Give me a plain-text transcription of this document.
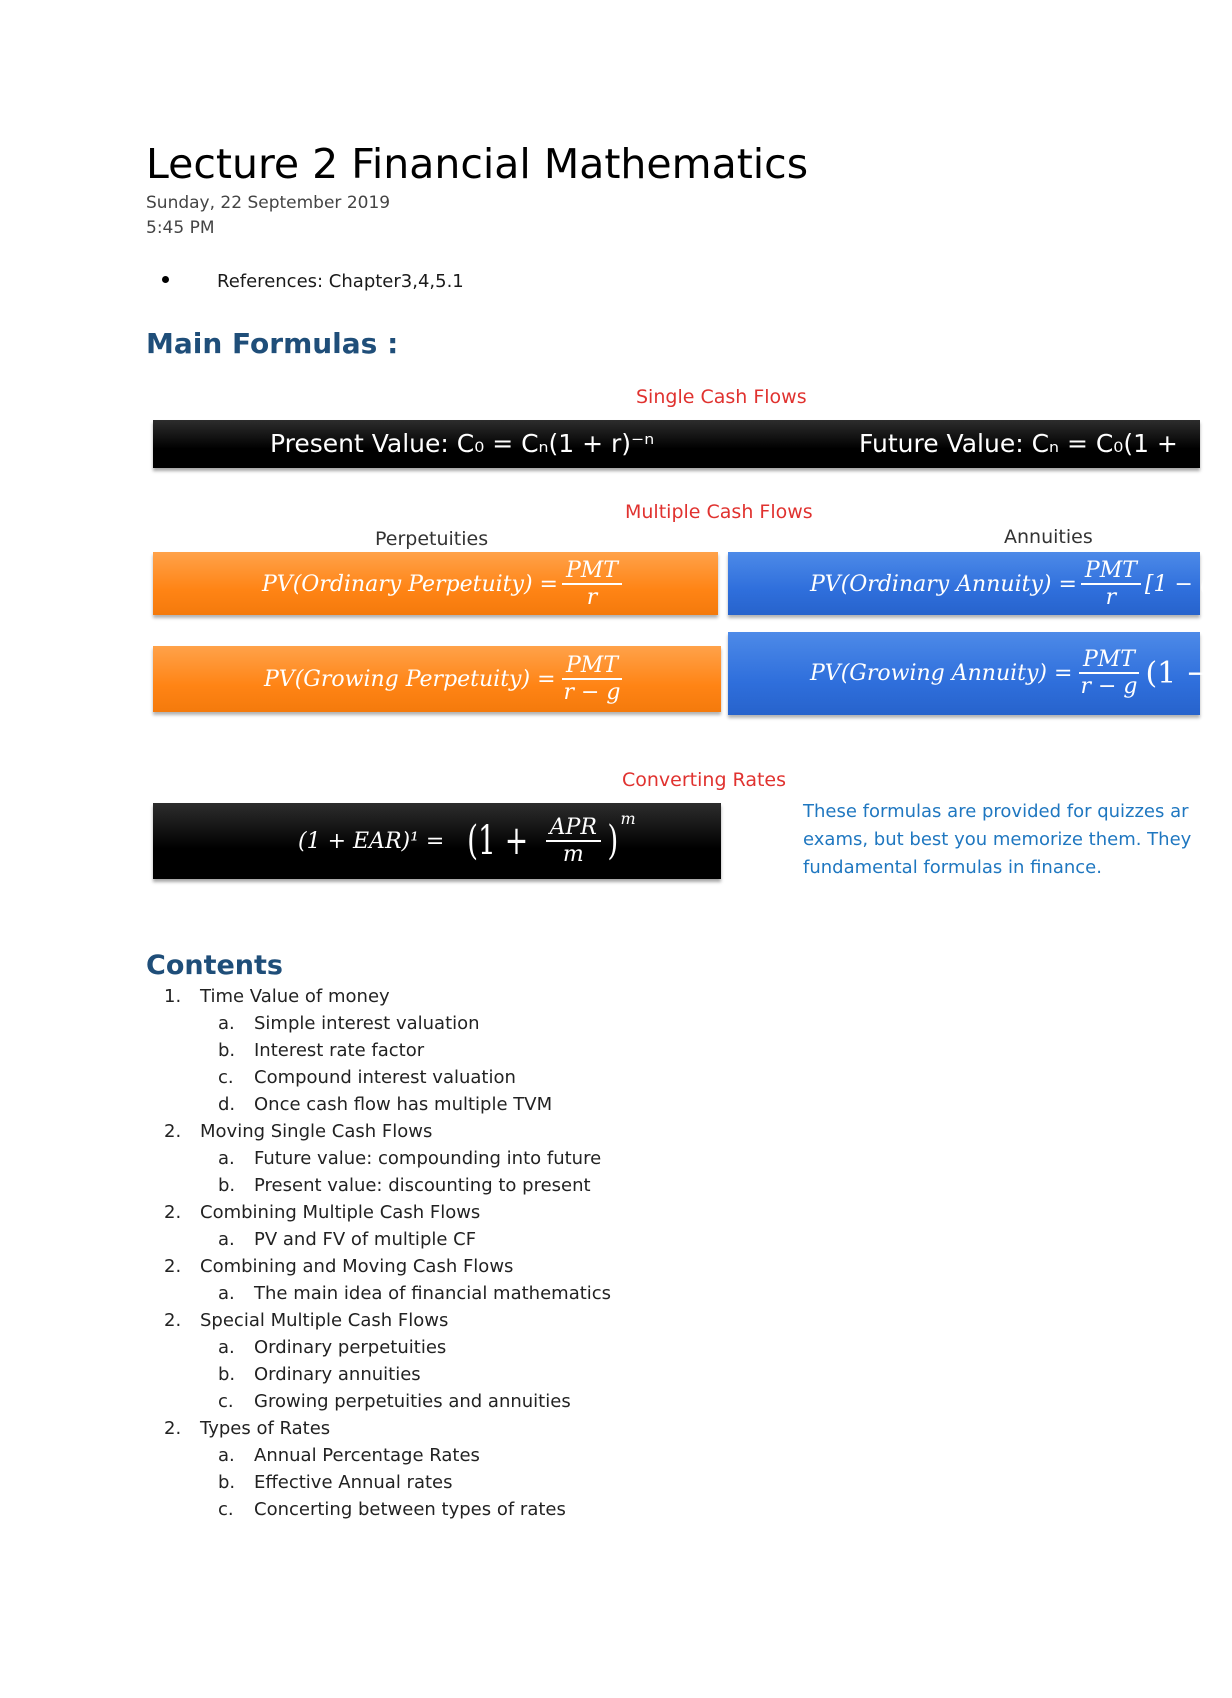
Lecture 2 Financial Mathematics
Sunday, 22 September 2019
5:45 PM
References: Chapter3,4,5.1
Main Formulas :
Single Cash Flows
Present Value: C₀ = Cₙ(1 + r)⁻ⁿ	Future Value: Cₙ = C₀(1 +
Multiple Cash Flows
Perpetuities	Annuities
PV(Ordinary Perpetuity) = $\frac{\text{PMT}}{r}$
PV(Growing Perpetuity) = $\frac{\text{PMT}}{r - g}$
PV(Ordinary Annuity) = $\frac{\text{PMT}}{r} [1 - (1$
PV(Growing Annuity) = $\frac{\text{PMT}}{r - g} (1$ − [
Converting Rates
$(1 + EAR)^1 = (1 + \frac{\text{APR}}{m}$ ) m	These formulas are provided for quizzes ar
exams, but best you memorize them. They
fundamental formulas in finance.
Contents
1. Time Value of money
a. Simple interest valuation
b. Interest rate factor
c. Compound interest valuation
d. Once cash flow has multiple TVM
2. Moving Single Cash Flows
a. Future value: compounding into future
b. Present value: discounting to present
2. Combining Multiple Cash Flows
a. PV and FV of multiple CF
2. Combining and Moving Cash Flows
a. The main idea of financial mathematics
2. Special Multiple Cash Flows
a. Ordinary perpetuities
b. Ordinary annuities
c. Growing perpetuities and annuities
2. Types of Rates
a. Annual Percentage Rates
b. Effective Annual rates
c. Concerting between types of rates
